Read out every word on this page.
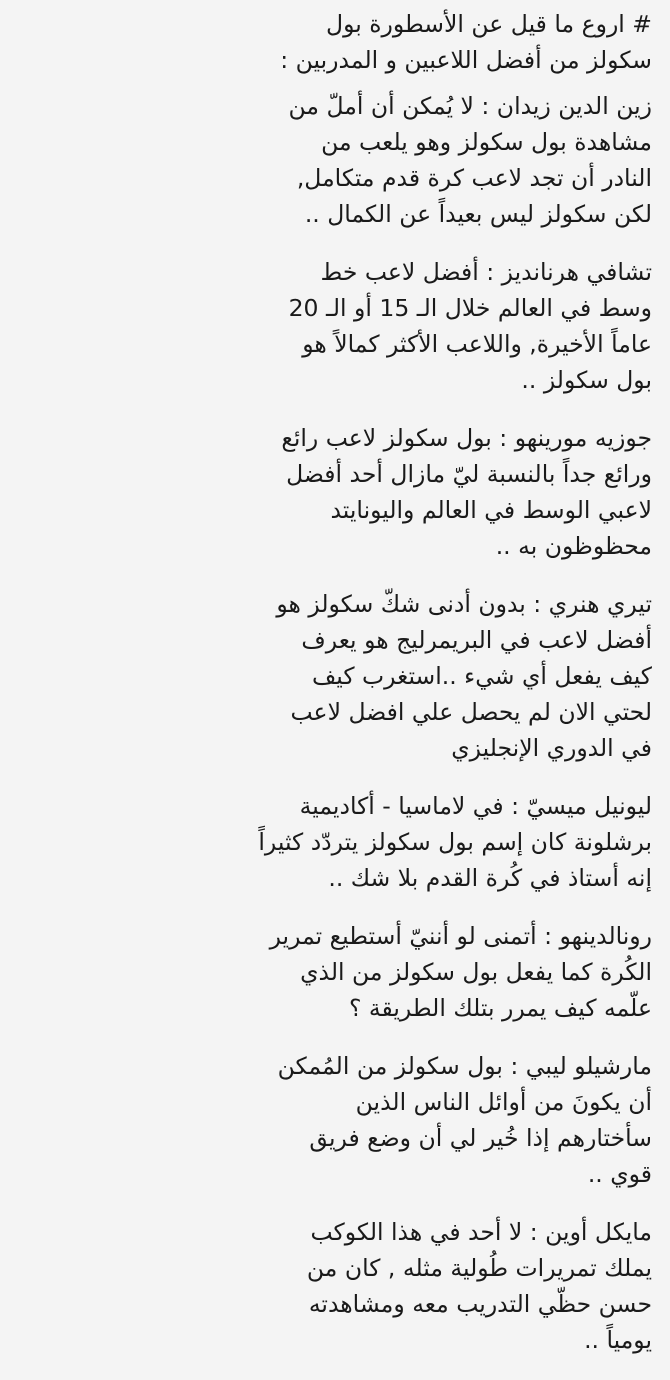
# اروع ما قيل عن الأسطورة بول
سكولز من أفضل اللاعبين و المدربين :
زين الدين زيدان : لا يُمكن أن أملّ من
مشاهدة بول سكولز وهو يلعب من
النادر أن تجد لاعب كرة قدم متكامل,
لكن سكولز ليس بعيداً عن الكمال ..
تشافي هرنانديز : أفضل لاعب خط
وسط في العالم خلال الـ 15 أو الـ 20
عاماً الأخيرة, واللاعب الأكثر كمالاً هو
بول سكولز ..
جوزيه مورينهو : بول سكولز لاعب رائع
ورائع جداً بالنسبة ليّ مازال أحد أفضل
لاعبي الوسط في العالم واليونايتد
محظوظون به ..
تيري هنري : بدون أدنى شكّ سكولز هو
أفضل لاعب في البريمرليج هو يعرف
كيف يفعل أي شيء ..استغرب كيف
لحتي الان لم يحصل علي افضل لاعب
في الدوري الإنجليزي
ليونيل ميسيّ : في لاماسيا - أكاديمية
برشلونة كان إسم بول سكولز يتردّد كثيراً
إنه أستاذ في كُرة القدم بلا شك ..
رونالدينهو : أتمنى لو أننيّ أستطيع تمرير
الكُرة كما يفعل بول سكولز من الذي
علّمه كيف يمرر بتلك الطريقة ؟
مارشيلو ليبي : بول سكولز من المُمكن
أن يكونَ من أوائل الناس الذين
سأختارهم إذا خُير لي أن وضع فريق
قوي ..
مايكل أوين : لا أحد في هذا الكوكب
يملك تمريرات طُولية مثله , كان من
حسن حظّي التدريب معه ومشاهدته
يومياً ..
